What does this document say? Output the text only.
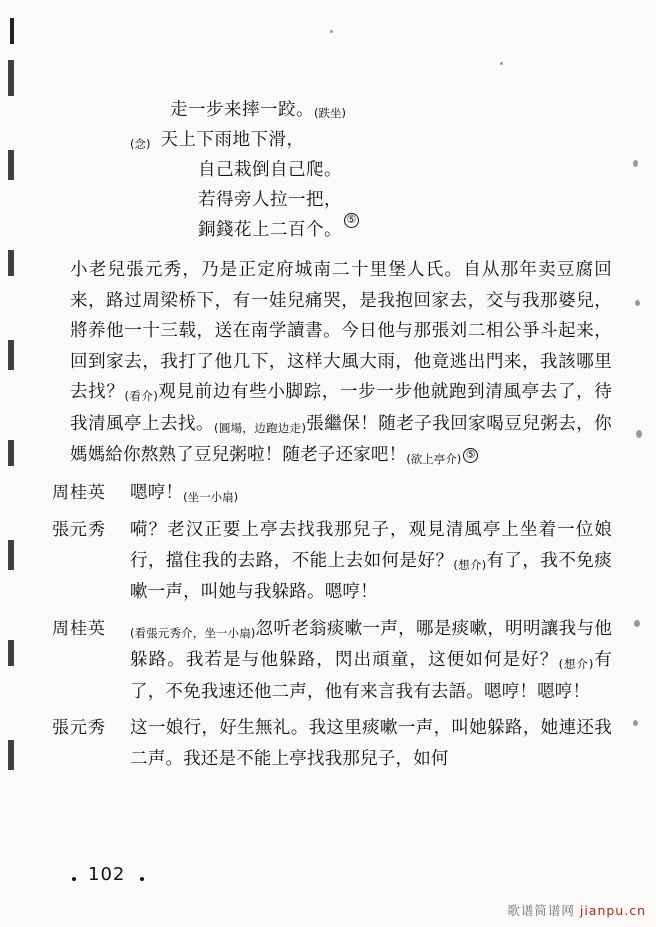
走一步来摔一跤。 (跌坐)
(念) 天上下雨地下滑，
自己栽倒自己爬。
若得旁人拉一把，
銅錢花上二百个。
⑤

小老兒張元秀，乃是正定府城南二十里堡人氏。自从那年卖豆腐回来，路过周梁桥下，有一娃兒痛哭，是我抱回家去，交与我那婆兒，將养他一十三载，送在南学讀書。今日他与那張刘二相公爭斗起来，回到家去，我打了他几下，这样大風大雨，他竟逃出門来，我該哪里去找？(看介)观見前边有些小脚踪，一步一步他就跑到清風亭去了，待我清風亭上去找。(圓場，边跑边走)張繼保！随老子我回家喝豆兒粥去，你媽媽給你熬熟了豆兒粥啦！随老子还家吧！(欲上亭介) ⑤

周桂英	嗯哼！(坐一小扇)
張元秀	嗬？老汉正要上亭去找我那兒子，观見清風亭上坐着一位娘行，擋住我的去路，不能上去如何是好？(想介)有了，我不免痰嗽一声，叫她与我躲路。嗯哼！
周桂英	(看張元秀介，坐一小扇)忽听老翁痰嗽一声，哪是痰嗽，明明讓我与他躲路。我若是与他躲路，閃出頑童，这便如何是好？(想介)有了，不免我速还他二声，他有来言我有去語。嗯哼！嗯哼！
張元秀	这一娘行，好生無礼。我这里痰嗽一声，叫她躲路，她連还我二声。我还是不能上亭找我那兒子，如何
102
歌谱简谱网 jianpu.cn
